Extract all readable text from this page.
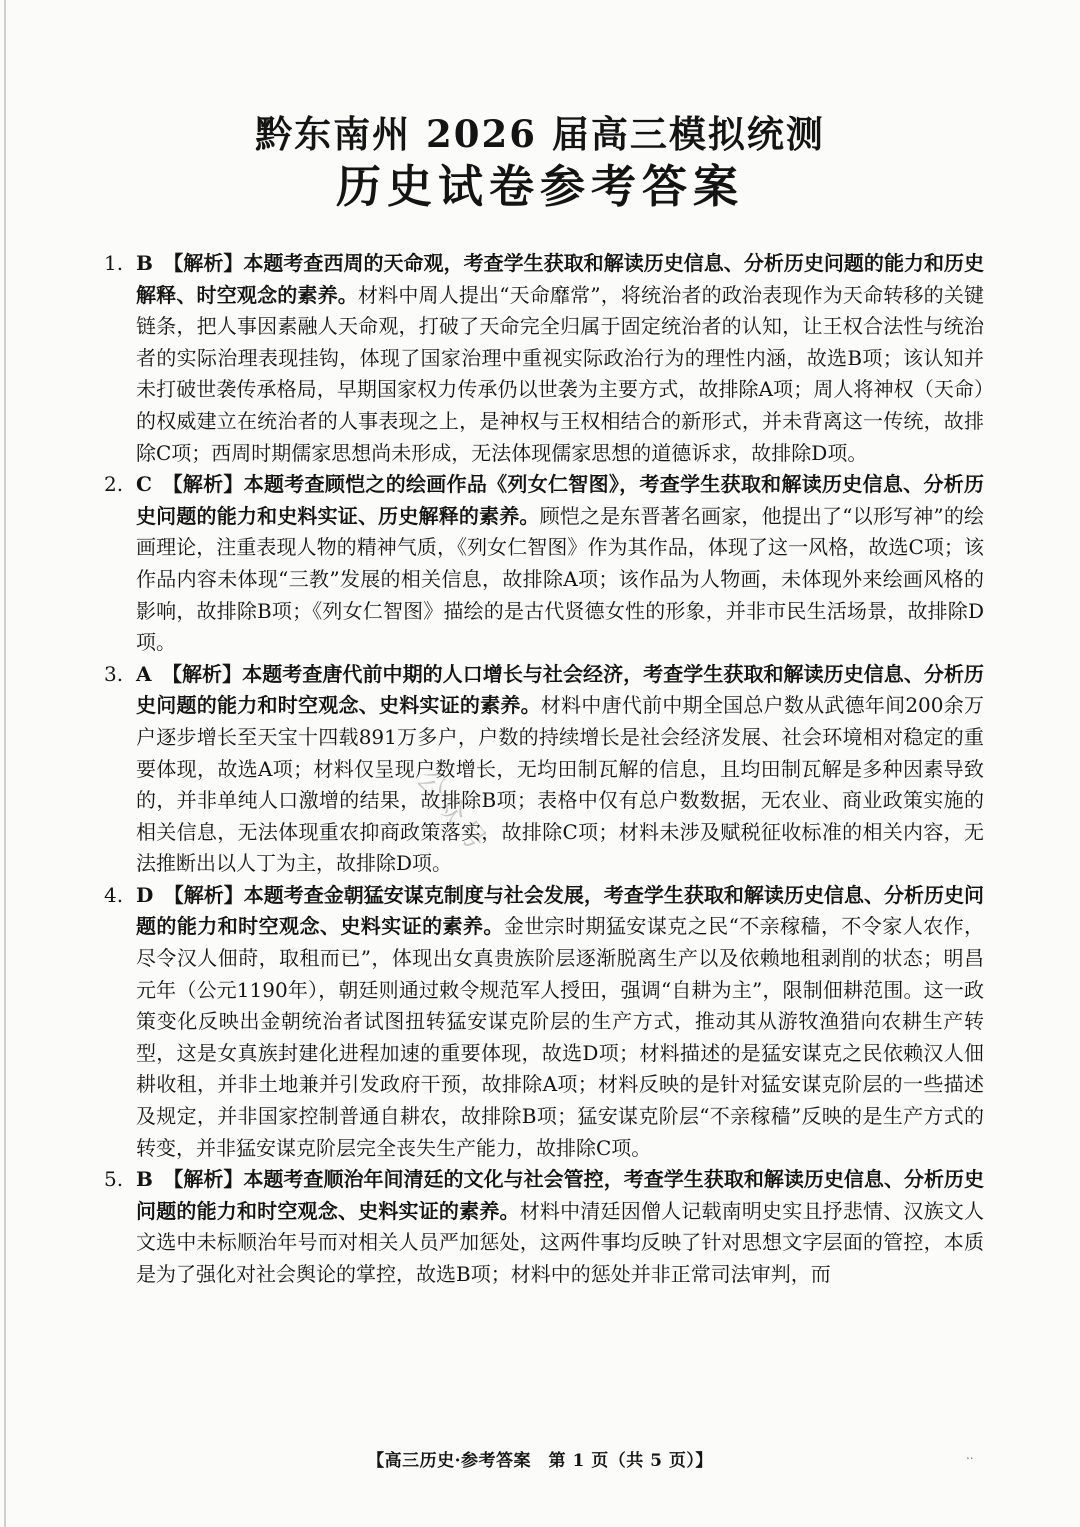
黔东南州 2026 届高三模拟统测
历史试卷参考答案

1. B 【解析】本题考查西周的天命观，考查学生获取和解读历史信息、分析历史问题的能力和历史解释、时空观念的素养。材料中周人提出“天命靡常”，将统治者的政治表现作为天命转移的关键链条，把人事因素融人天命观，打破了天命完全归属于固定统治者的认知，让王权合法性与统治者的实际治理表现挂钩，体现了国家治理中重视实际政治行为的理性内涵，故选B项；该认知并未打破世袭传承格局，早期国家权力传承仍以世袭为主要方式，故排除A项；周人将神权（天命）的权威建立在统治者的人事表现之上，是神权与王权相结合的新形式，并未背离这一传统，故排除C项；西周时期儒家思想尚未形成，无法体现儒家思想的道德诉求，故排除D项。

2. C 【解析】本题考查顾恺之的绘画作品《列女仁智图》，考查学生获取和解读历史信息、分析历史问题的能力和史料实证、历史解释的素养。顾恺之是东晋著名画家，他提出了“以形写神”的绘画理论，注重表现人物的精神气质，《列女仁智图》作为其作品，体现了这一风格，故选C项；该作品内容未体现“三教”发展的相关信息，故排除A项；该作品为人物画，未体现外来绘画风格的影响，故排除B项；《列女仁智图》描绘的是古代贤德女性的形象，并非市民生活场景，故排除D项。

3. A 【解析】本题考查唐代前中期的人口增长与社会经济，考查学生获取和解读历史信息、分析历史问题的能力和时空观念、史料实证的素养。材料中唐代前中期全国总户数从武德年间200余万户逐步增长至天宝十四载891万多户，户数的持续增长是社会经济发展、社会环境相对稳定的重要体现，故选A项；材料仅呈现户数增长，无均田制瓦解的信息，且均田制瓦解是多种因素导致的，并非单纯人口激增的结果，故排除B项；表格中仅有总户数数据，无农业、商业政策实施的相关信息，无法体现重农抑商政策落实，故排除C项；材料未涉及赋税征收标准的相关内容，无法推断出以人丁为主，故排除D项。

4. D 【解析】本题考查金朝猛安谋克制度与社会发展，考查学生获取和解读历史信息、分析历史问题的能力和时空观念、史料实证的素养。金世宗时期猛安谋克之民“不亲稼穑，不令家人农作，尽令汉人佃莳，取租而已”，体现出女真贵族阶层逐渐脱离生产以及依赖地租剥削的状态；明昌元年（公元1190年），朝廷则通过敕令规范军人授田，强调“自耕为主”，限制佃耕范围。这一政策变化反映出金朝统治者试图扭转猛安谋克阶层的生产方式，推动其从游牧渔猎向农耕生产转型，这是女真族封建化进程加速的重要体现，故选D项；材料描述的是猛安谋克之民依赖汉人佃耕收租，并非土地兼并引发政府干预，故排除A项；材料反映的是针对猛安谋克阶层的一些描述及规定，并非国家控制普通自耕农，故排除B项；猛安谋克阶层“不亲稼穑”反映的是生产方式的转变，并非猛安谋克阶层完全丧失生产能力，故排除C项。

5. B 【解析】本题考查顺治年间清廷的文化与社会管控，考查学生获取和解读历史信息、分析历史问题的能力和时空观念、史料实证的素养。材料中清廷因僧人记载南明史实且抒悲情、汉族文人文选中未标顺治年号而对相关人员严加惩处，这两件事均反映了针对思想文字层面的管控，本质是为了强化对社会舆论的掌控，故选B项；材料中的惩处并非正常司法审判，而

公众号
【高三历史·参考答案　第 1 页（共 5 页）】	..
